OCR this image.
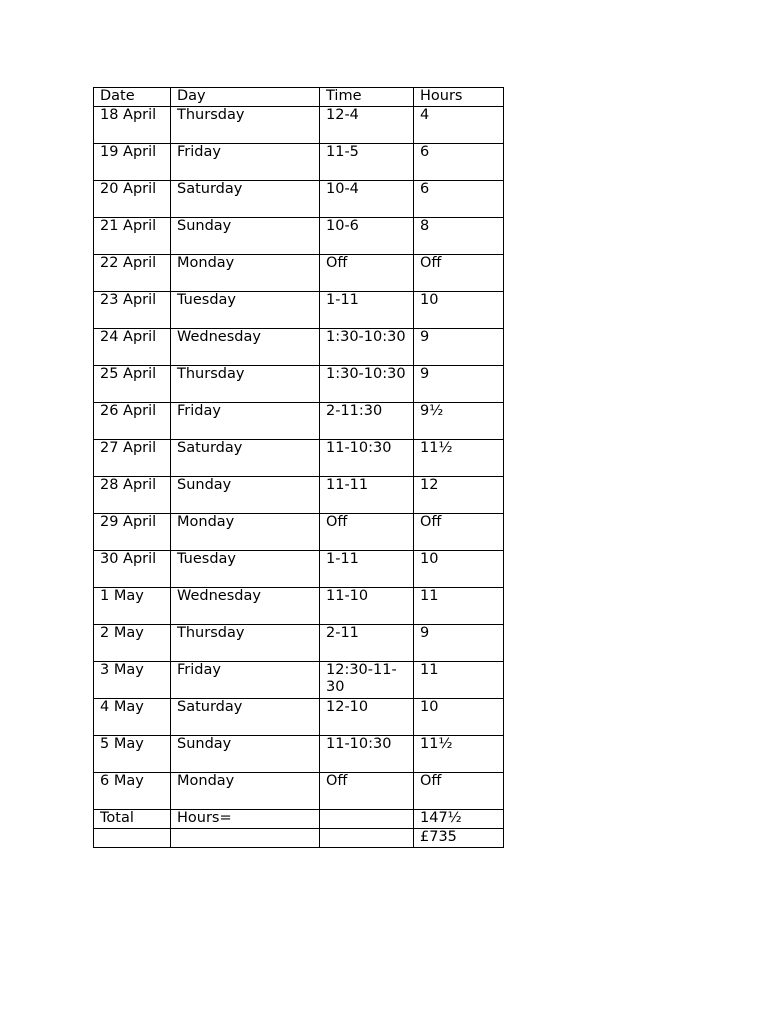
Date	Day	Time	Hours
18 April	Thursday	12-4	4
19 April	Friday	11-5	6
20 April	Saturday	10-4	6
21 April	Sunday	10-6	8
22 April	Monday	Off	Off
23 April	Tuesday	1-11	10
24 April	Wednesday	1:30-10:30	9
25 April	Thursday	1:30-10:30	9
26 April	Friday	2-11:30	9½
27 April	Saturday	11-10:30	11½
28 April	Sunday	11-11	12
29 April	Monday	Off	Off
30 April	Tuesday	1-11	10
1 May	Wednesday	11-10	11
2 May	Thursday	2-11	9
3 May	Friday	12:30-11-30	11
4 May	Saturday	12-10	10
5 May	Sunday	11-10:30	11½
6 May	Monday	Off	Off
Total	Hours=		147½
			£735
